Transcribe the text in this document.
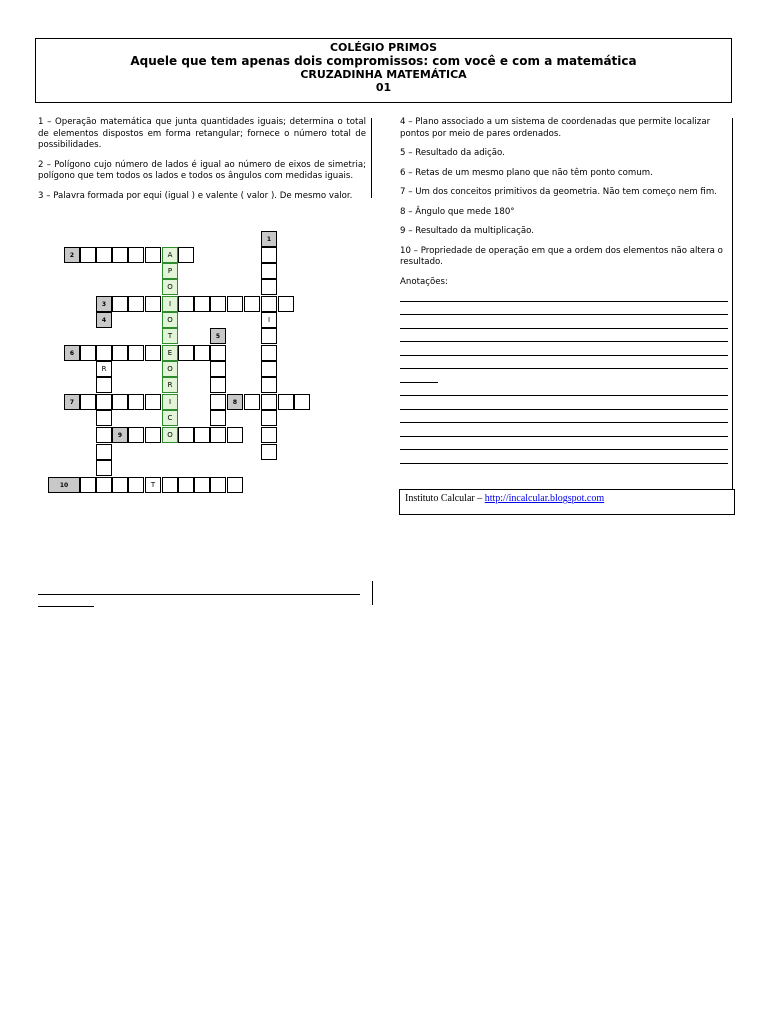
COLÉGIO PRIMOS
Aquele que tem apenas dois compromissos: com você e com a matemática
CRUZADINHA MATEMÁTICA
01

1 – Operação matemática que junta quantidades iguais; determina o total de elementos dispostos em forma retangular; fornece o número total de possibilidades.

2 – Polígono cujo número de lados é igual ao número de eixos de simetria; polígono que tem todos os lados e todos os ângulos com medidas iguais.

3 – Palavra formada por equi (igual ) e valente ( valor ). De mesmo valor.

4 – Plano associado a um sistema de coordenadas que permite localizar pontos por meio de pares ordenados.

5 – Resultado da adição.

6 – Retas de um mesmo plano que não têm ponto comum.

7 – Um dos conceitos primitivos da geometria. Não tem começo nem fim.

8 – Ângulo que mede 180°

9 – Resultado da multiplicação.

10 – Propriedade de operação em que a ordem dos elementos não altera o resultado.

Anotações:
Instituto Calcular – http://incalcular.blogspot.com
1
I
2	A
P
O
I
O
T
E
O
R
I
C
O
3
4
R
5
6
7	8
9
10	T
